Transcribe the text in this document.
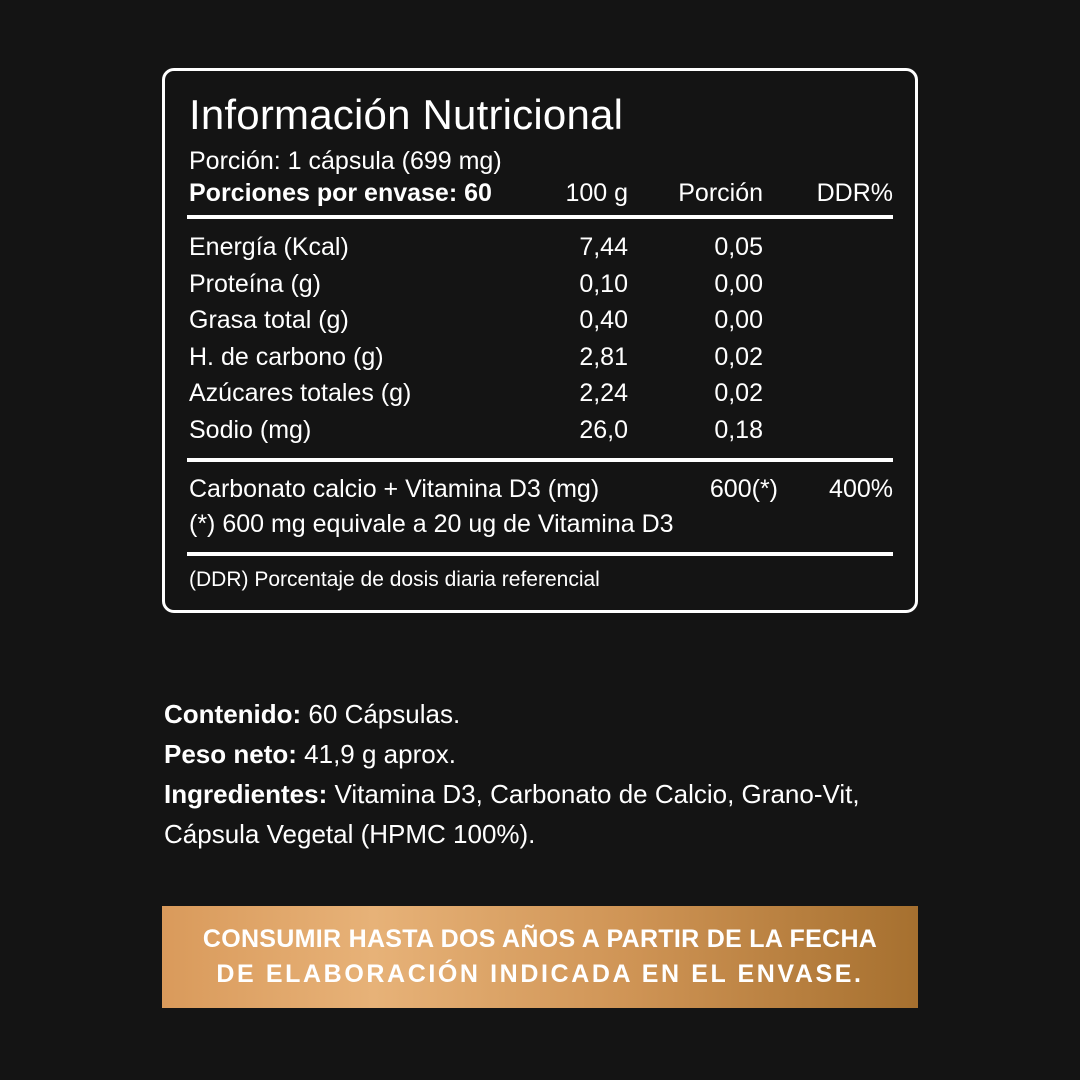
Información Nutricional
Porción: 1 cápsula (699 mg)
Porciones por envase: 60	100 g	Porción	DDR%
Energía (Kcal)	7,44	0,05
Proteína (g)	0,10	0,00
Grasa total (g)	0,40	0,00
H. de carbono (g)	2,81	0,02
Azúcares totales (g)	2,24	0,02
Sodio (mg)	26,0	0,18
Carbonato calcio + Vitamina D3 (mg)	600(*)	400%
(*) 600 mg equivale a 20 ug de Vitamina D3
(DDR) Porcentaje de dosis diaria referencial
Contenido: 60 Cápsulas.
Peso neto: 41,9 g aprox.
Ingredientes: Vitamina D3, Carbonato de Calcio, Grano-Vit, Cápsula Vegetal (HPMC 100%).
CONSUMIR HASTA DOS AÑOS A PARTIR DE LA FECHA
DE ELABORACIÓN INDICADA EN EL ENVASE.
